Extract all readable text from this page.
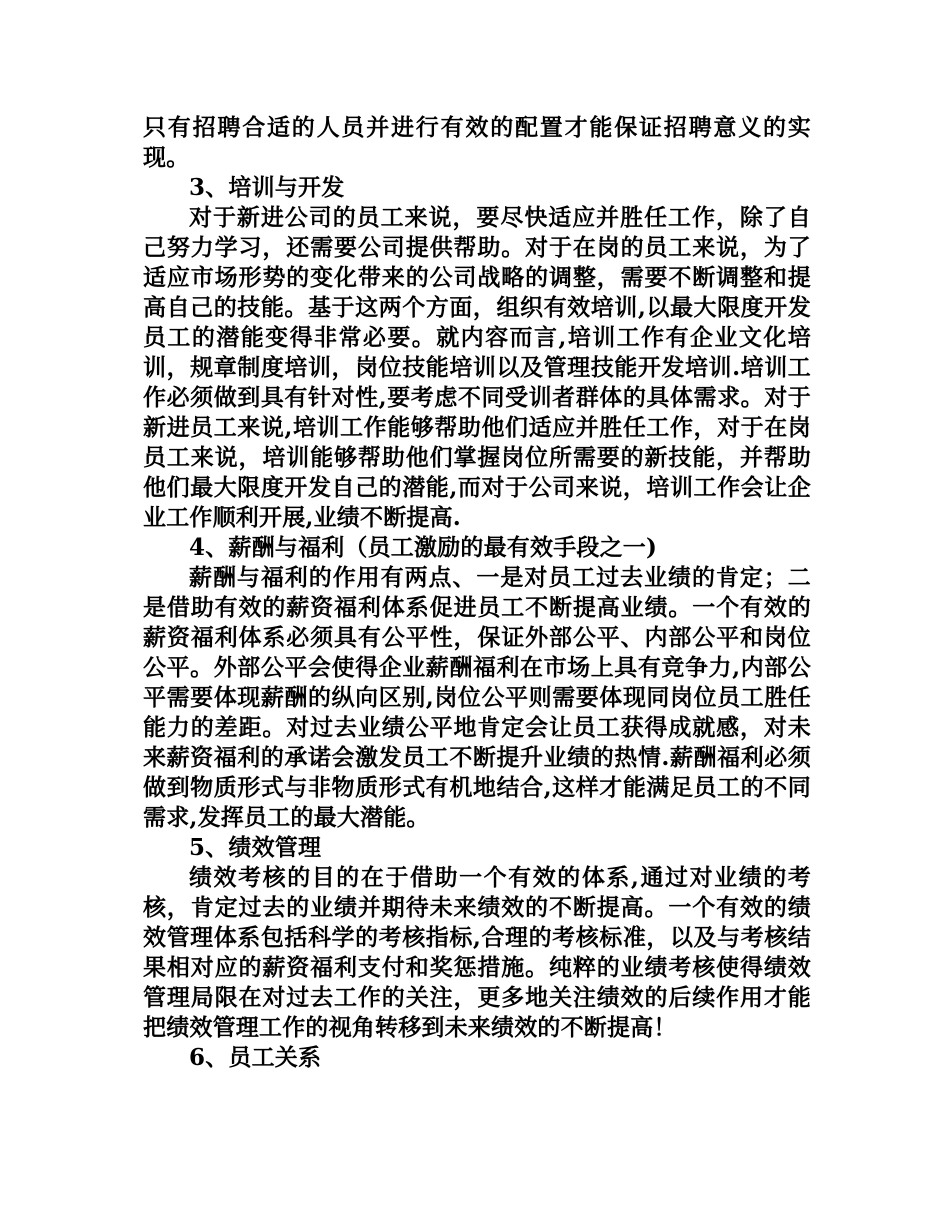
只有招聘合适的人员并进行有效的配置才能保证招聘意义的实现。

3、培训与开发

对于新进公司的员工来说，要尽快适应并胜任工作，除了自己努力学习，还需要公司提供帮助。对于在岗的员工来说，为了适应市场形势的变化带来的公司战略的调整，需要不断调整和提高自己的技能。基于这两个方面，组织有效培训,以最大限度开发员工的潜能变得非常必要。就内容而言,培训工作有企业文化培训，规章制度培训，岗位技能培训以及管理技能开发培训.培训工作必须做到具有针对性,要考虑不同受训者群体的具体需求。对于新进员工来说,培训工作能够帮助他们适应并胜任工作，对于在岗员工来说，培训能够帮助他们掌握岗位所需要的新技能，并帮助他们最大限度开发自己的潜能,而对于公司来说，培训工作会让企业工作顺利开展,业绩不断提高.

4、薪酬与福利（员工激励的最有效手段之一)

薪酬与福利的作用有两点、一是对员工过去业绩的肯定；二是借助有效的薪资福利体系促进员工不断提高业绩。一个有效的薪资福利体系必须具有公平性，保证外部公平、内部公平和岗位公平。外部公平会使得企业薪酬福利在市场上具有竞争力,内部公平需要体现薪酬的纵向区别,岗位公平则需要体现同岗位员工胜任能力的差距。对过去业绩公平地肯定会让员工获得成就感，对未来薪资福利的承诺会激发员工不断提升业绩的热情.薪酬福利必须做到物质形式与非物质形式有机地结合,这样才能满足员工的不同需求,发挥员工的最大潜能。

5、绩效管理

绩效考核的目的在于借助一个有效的体系,通过对业绩的考核，肯定过去的业绩并期待未来绩效的不断提高。一个有效的绩效管理体系包括科学的考核指标,合理的考核标准，以及与考核结果相对应的薪资福利支付和奖惩措施。纯粹的业绩考核使得绩效管理局限在对过去工作的关注，更多地关注绩效的后续作用才能把绩效管理工作的视角转移到未来绩效的不断提高！

6、员工关系
